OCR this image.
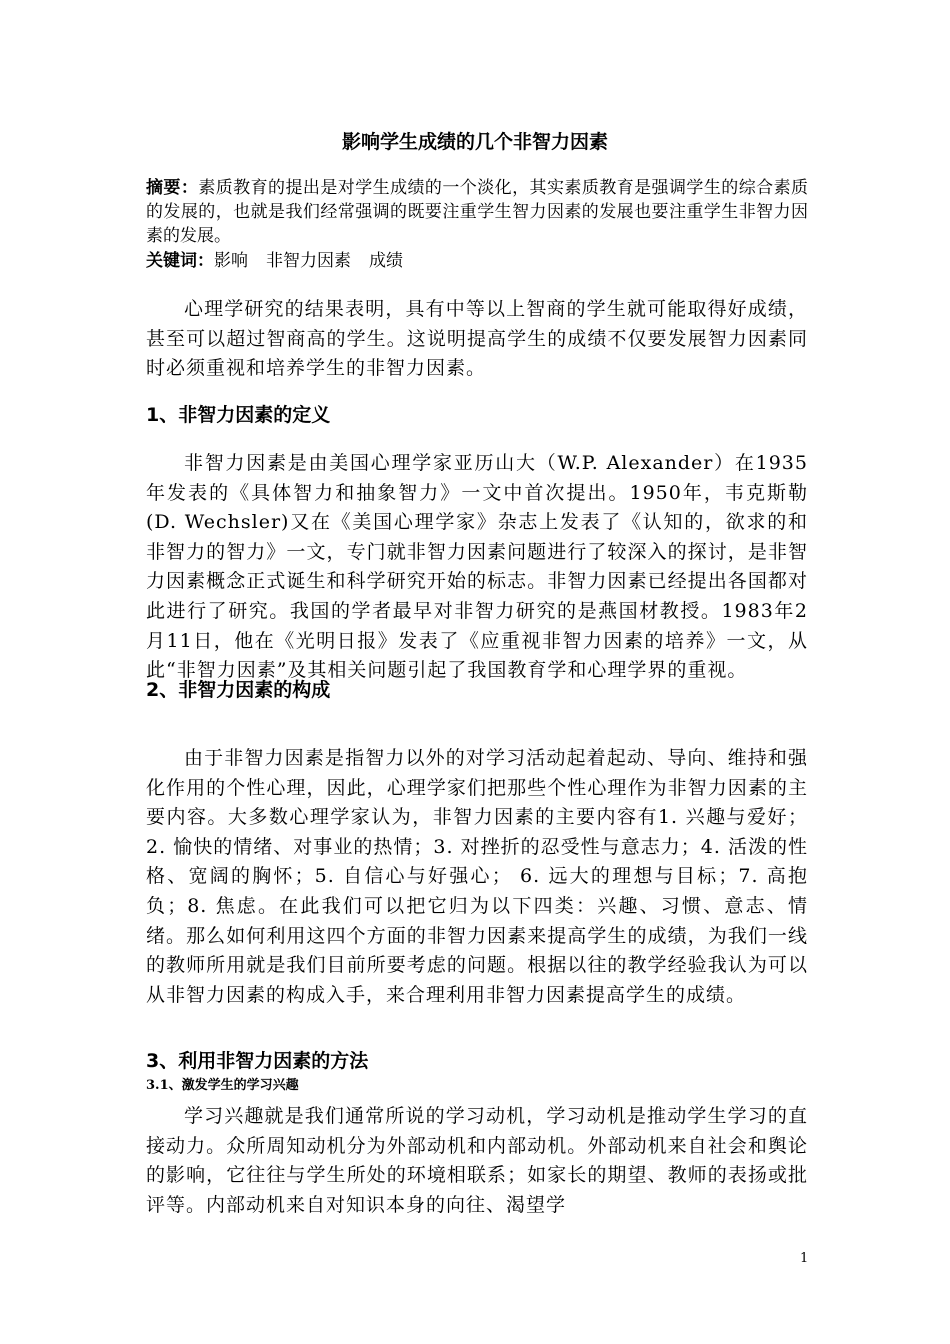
影响学生成绩的几个非智力因素

摘要：素质教育的提出是对学生成绩的一个淡化，其实素质教育是强调学生的综合素质的发展的，也就是我们经常强调的既要注重学生智力因素的发展也要注重学生非智力因素的发展。

关键词：影响 非智力因素 成绩

心理学研究的结果表明，具有中等以上智商的学生就可能取得好成绩，甚至可以超过智商高的学生。这说明提高学生的成绩不仅要发展智力因素同时必须重视和培养学生的非智力因素。

1、非智力因素的定义

非智力因素是由美国心理学家亚历山大（W.P. Alexander）在1935年发表的《具体智力和抽象智力》一文中首次提出。1950年，韦克斯勒(D. Wechsler)又在《美国心理学家》杂志上发表了《认知的，欲求的和非智力的智力》一文，专门就非智力因素问题进行了较深入的探讨，是非智力因素概念正式诞生和科学研究开始的标志。非智力因素已经提出各国都对此进行了研究。我国的学者最早对非智力研究的是燕国材教授。1983年2月11日，他在《光明日报》发表了《应重视非智力因素的培养》一文，从此“非智力因素”及其相关问题引起了我国教育学和心理学界的重视。

2、非智力因素的构成

由于非智力因素是指智力以外的对学习活动起着起动、导向、维持和强化作用的个性心理，因此，心理学家们把那些个性心理作为非智力因素的主要内容。大多数心理学家认为，非智力因素的主要内容有1. 兴趣与爱好； 2. 愉快的情绪、对事业的热情；3. 对挫折的忍受性与意志力；4. 活泼的性格、宽阔的胸怀；5. 自信心与好强心； 6. 远大的理想与目标；7. 高抱负；8. 焦虑。在此我们可以把它归为以下四类：兴趣、习惯、意志、情绪。那么如何利用这四个方面的非智力因素来提高学生的成绩，为我们一线的教师所用就是我们目前所要考虑的问题。根据以往的教学经验我认为可以从非智力因素的构成入手，来合理利用非智力因素提高学生的成绩。

3、利用非智力因素的方法
3.1、激发学生的学习兴趣

学习兴趣就是我们通常所说的学习动机，学习动机是推动学生学习的直接动力。众所周知动机分为外部动机和内部动机。外部动机来自社会和舆论的影响，它往往与学生所处的环境相联系；如家长的期望、教师的表扬或批评等。内部动机来自对知识本身的向往、渴望学

1
